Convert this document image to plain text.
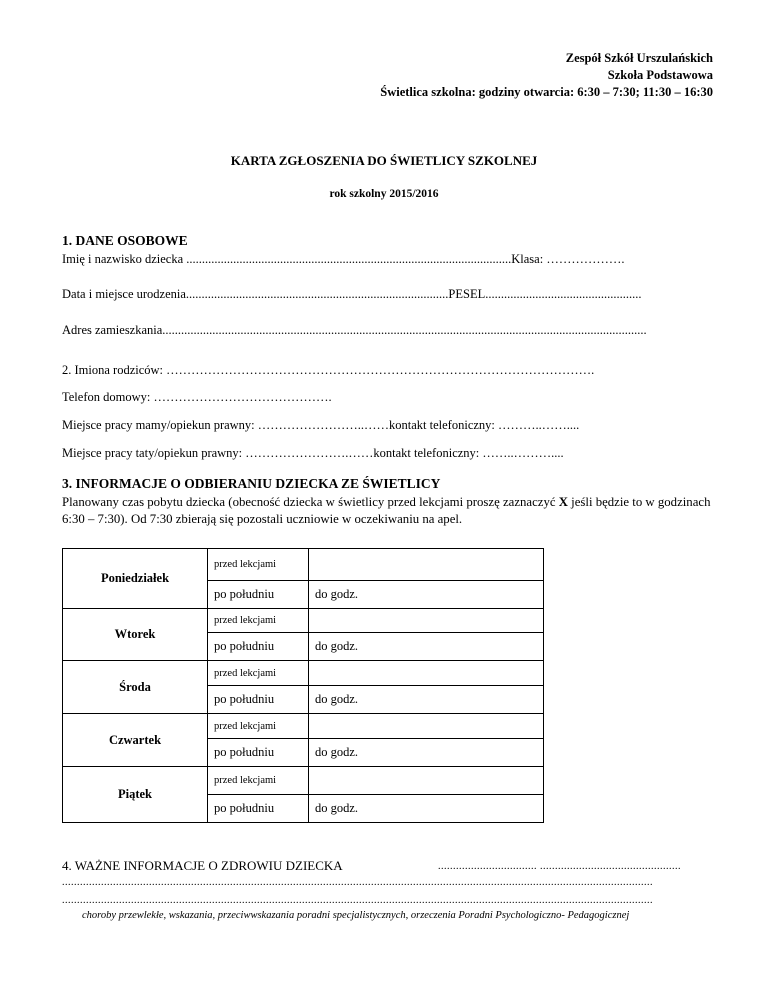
Zespół Szkół Urszulańskich
Szkoła Podstawowa
Świetlica szkolna: godziny otwarcia: 6:30 – 7:30; 11:30 – 16:30
KARTA ZGŁOSZENIA DO ŚWIETLICY SZKOLNEJ
rok szkolny 2015/2016
1. DANE OSOBOWE
Imię i nazwisko dziecka ........................................................................................................Klasa: ……………….
Data i miejsce urodzenia....................................................................................PESEL..................................................
Adres zamieszkania...........................................................................................................................................................
2. Imiona rodziców: ………………………………………………………………………………………….
Telefon domowy: …………………………………….
Miejsce pracy mamy/opiekun prawny: ……………………..……kontakt telefoniczny: ………..……....
Miejsce pracy taty/opiekun prawny: …………………….……kontakt telefoniczny: ……..………....
3. INFORMACJE O ODBIERANIU DZIECKA ZE ŚWIETLICY
Planowany czas pobytu dziecka (obecność dziecka w świetlicy przed lekcjami proszę zaznaczyć X jeśli będzie to w godzinach 6:30 – 7:30). Od 7:30 zbierają się pozostali uczniowie w oczekiwaniu na apel.
Poniedziałek	przed lekcjami	
	po południu	do godz.
Wtorek	przed lekcjami	
	po południu	do godz.
Środa	przed lekcjami	
	po południu	do godz.
Czwartek	przed lekcjami	
	po południu	do godz.
Piątek	przed lekcjami	
	po południu	do godz.
4. WAŻNE INFORMACJE O ZDROWIU DZIECKA	................................. ...............................................
.....................................................................................................................................................................................................
.....................................................................................................................................................................................................
choroby przewlekłe, wskazania, przeciwwskazania poradni specjalistycznych, orzeczenia Poradni Psychologiczno- Pedagogicznej
